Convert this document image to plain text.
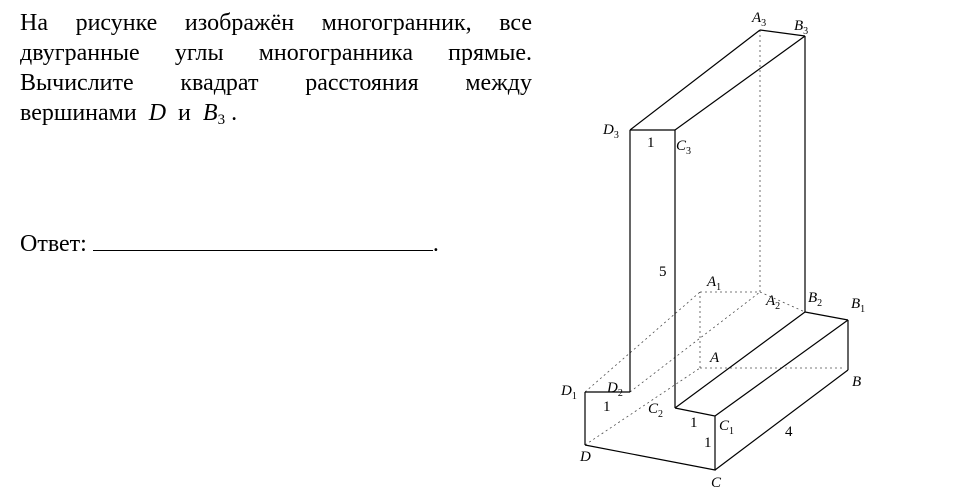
На рисунке изображён многогранник, все
двугранные углы многогранника прямые.
Вычислите квадрат расстояния между
вершинами D и $B_3$ .
Ответ:	.
$A_3$ $B_3$
$D_3$
$C_3$
$A_1$
$A_2$
$B_2$ $B_1$
A
B
$D_1$
$D_2$
$C_2$
$C_1$
D
C
1
5
1
1
1
4
